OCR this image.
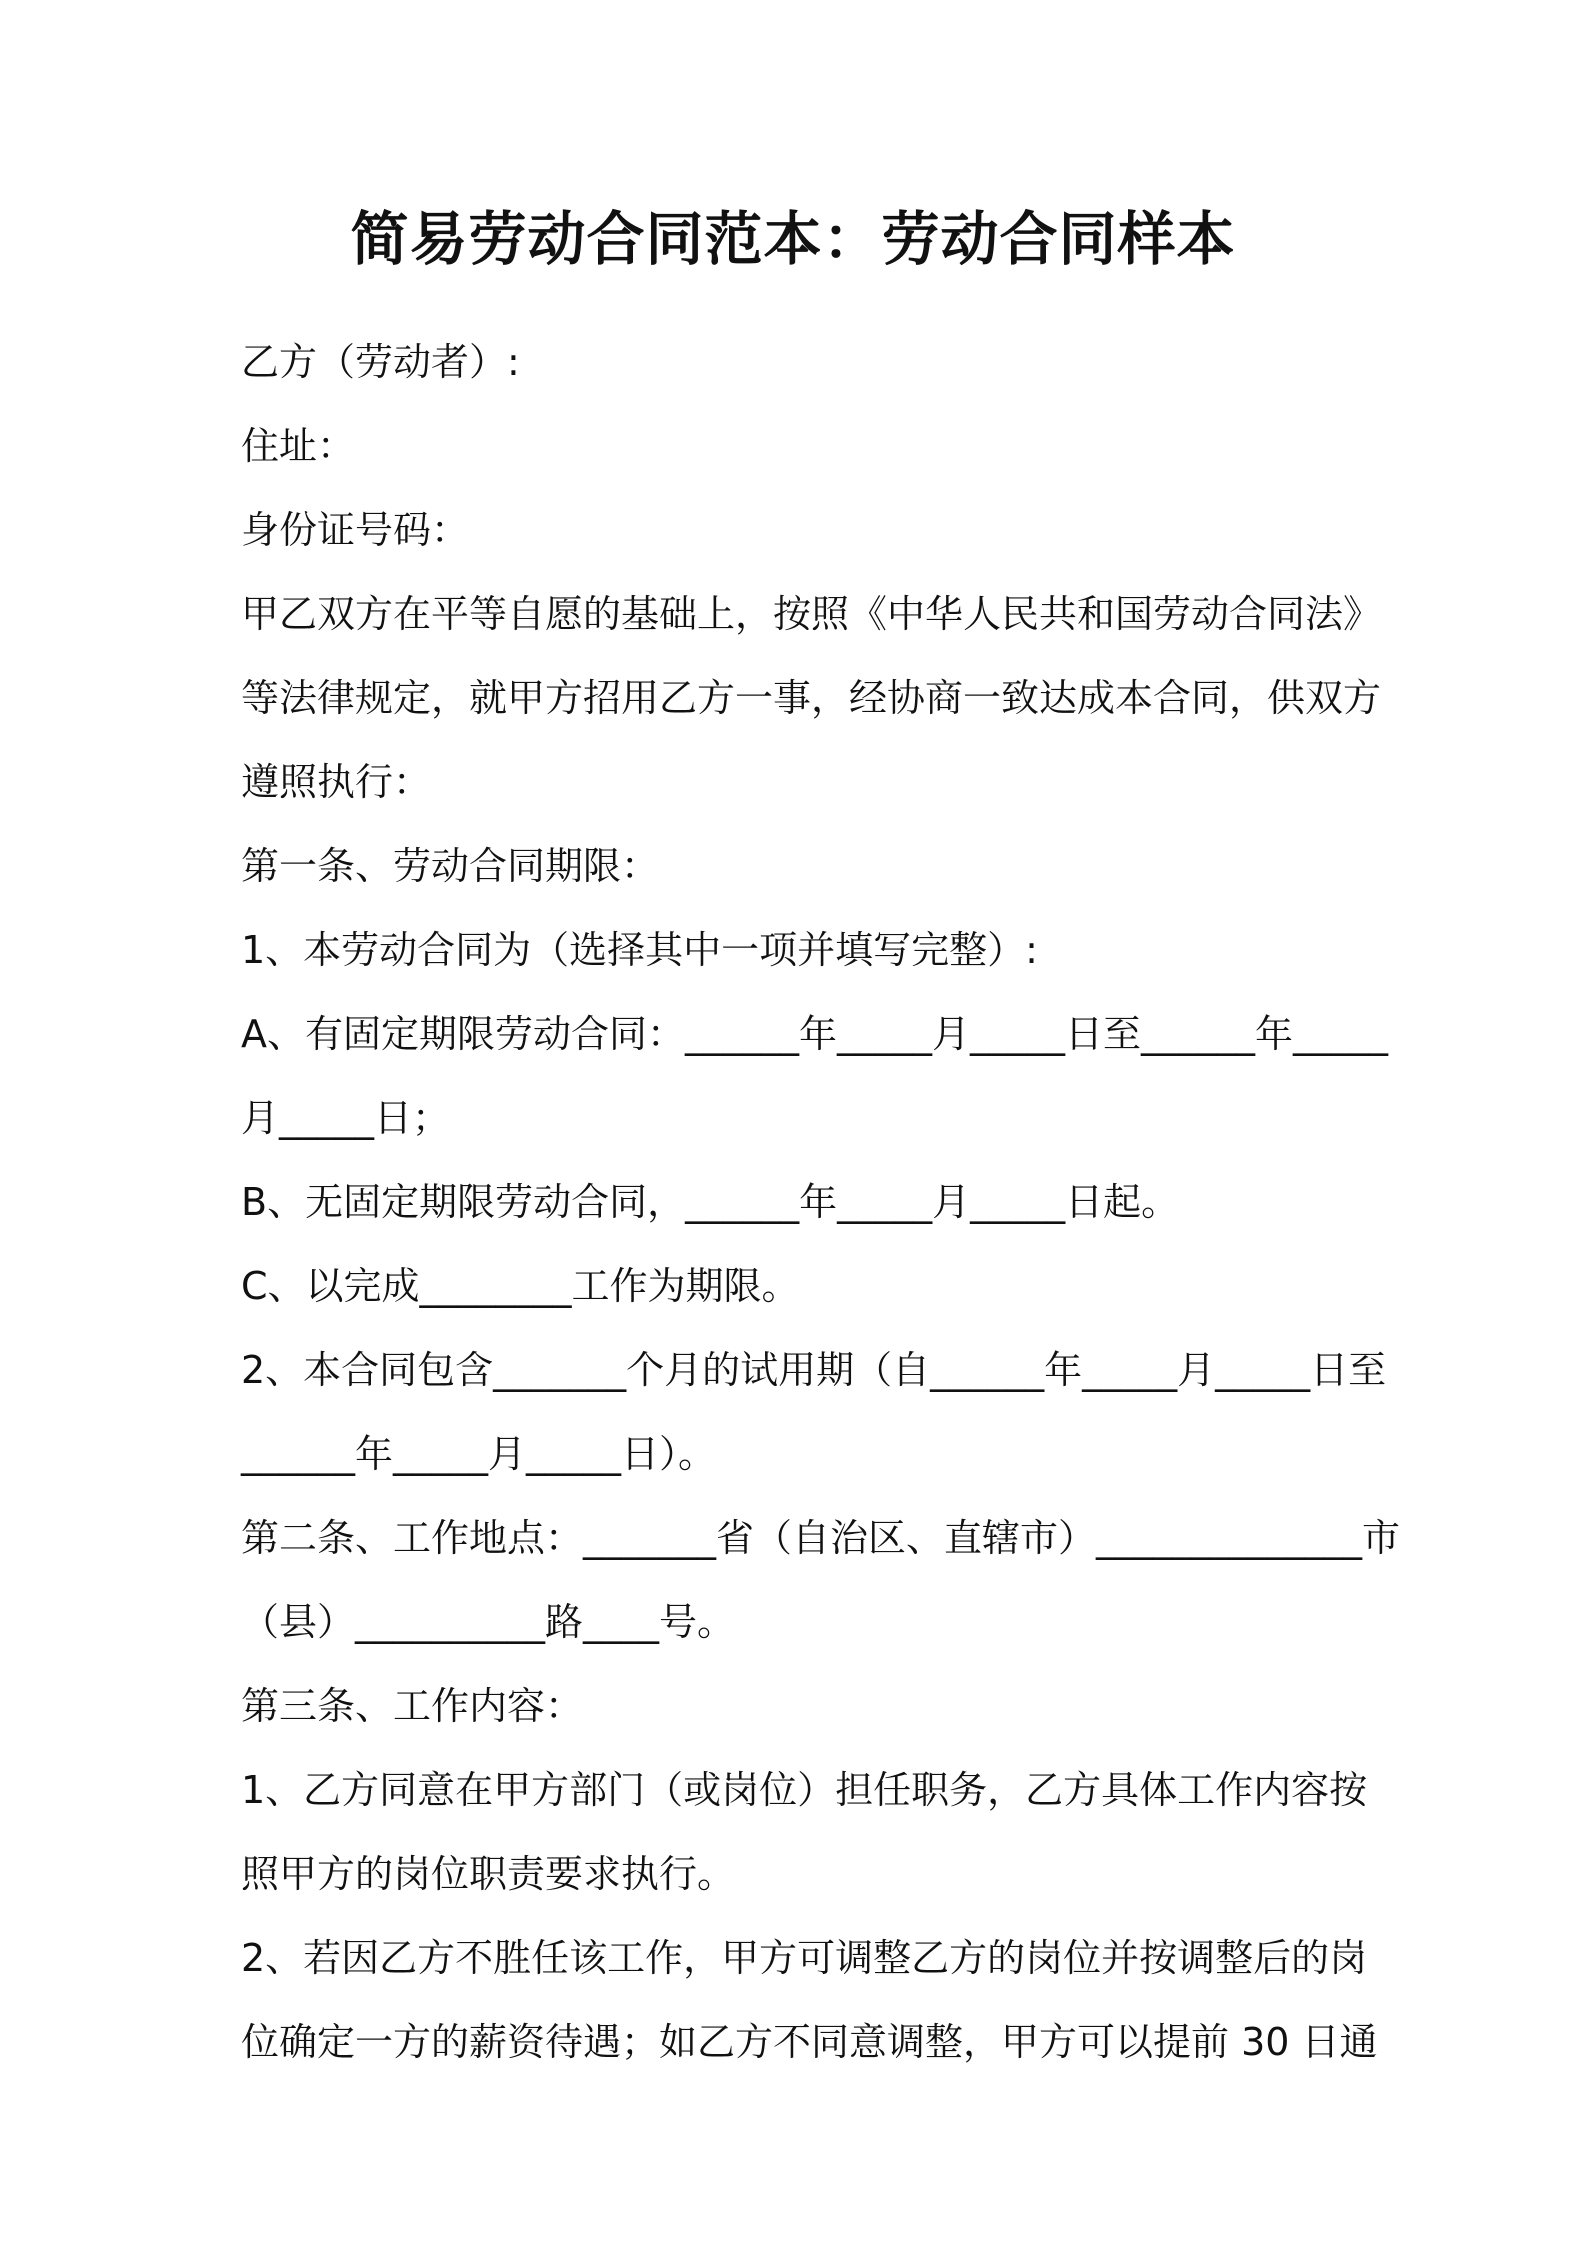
简易劳动合同范本：劳动合同样本
乙方（劳动者）:
住址：
身份证号码：
甲乙双方在平等自愿的基础上，按照《中华人民共和国劳动合同法》
等法律规定，就甲方招用乙方一事，经协商一致达成本合同，供双方
遵照执行：
第一条、劳动合同期限：
1、本劳动合同为（选择其中一项并填写完整）:
A、有固定期限劳动合同：______年_____月_____日至______年_____
月_____日；
B、无固定期限劳动合同，______年_____月_____日起。
C、以完成________工作为期限。
2、本合同包含_______个月的试用期（自______年_____月_____日至
______年_____月_____日）。
第二条、工作地点：_______省（自治区、直辖市）______________市
（县）__________路____号。
第三条、工作内容：
1、乙方同意在甲方部门（或岗位）担任职务，乙方具体工作内容按
照甲方的岗位职责要求执行。
2、若因乙方不胜任该工作，甲方可调整乙方的岗位并按调整后的岗
位确定一方的薪资待遇；如乙方不同意调整，甲方可以提前 30 日通
